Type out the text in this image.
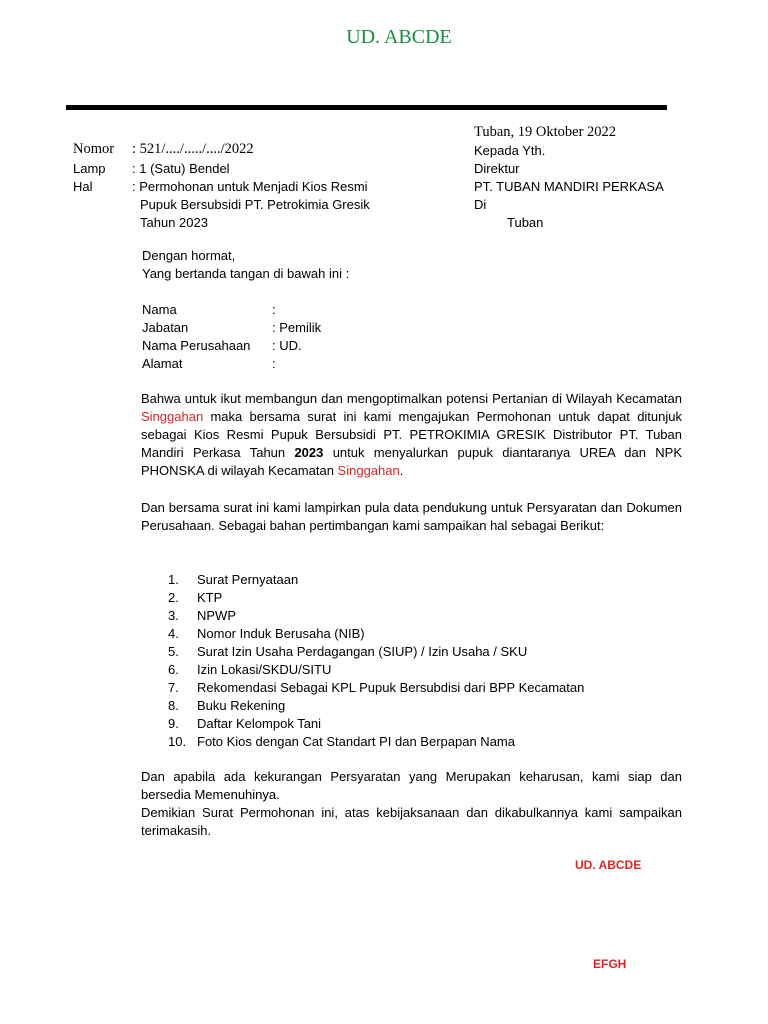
UD. ABCDE
Tuban, 19 Oktober 2022
Nomor : 521/..../...../..../2022
Lamp : 1 (Satu) Bendel
Hal	: Permohonan untuk Menjadi Kios Resmi
Pupuk Bersubsidi PT. Petrokimia Gresik
Tahun 2023
Kepada Yth.
Direktur
PT. TUBAN MANDIRI PERKASA
Di
Tuban
Dengan hormat,
Yang bertanda tangan di bawah ini :
Nama	:
Jabatan	: Pemilik
Nama Perusahaan : UD.
Alamat	:
Bahwa untuk ikut membangun dan mengoptimalkan potensi Pertanian di Wilayah Kecamatan Singgahan maka bersama surat ini kami mengajukan Permohonan untuk dapat ditunjuk sebagai Kios Resmi Pupuk Bersubsidi PT. PETROKIMIA GRESIK Distributor PT. Tuban Mandiri Perkasa Tahun 2023 untuk menyalurkan pupuk diantaranya UREA dan NPK PHONSKA di wilayah Kecamatan Singgahan.
Dan bersama surat ini kami lampirkan pula data pendukung untuk Persyaratan dan Dokumen Perusahaan. Sebagai bahan pertimbangan kami sampaikan hal sebagai Berikut:
1. Surat Pernyataan
2. KTP
3. NPWP
4. Nomor Induk Berusaha (NIB)
5. Surat Izin Usaha Perdagangan (SIUP) / Izin Usaha / SKU
6. Izin Lokasi/SKDU/SITU
7. Rekomendasi Sebagai KPL Pupuk Bersubdisi dari BPP Kecamatan
8. Buku Rekening
9. Daftar Kelompok Tani
10. Foto Kios dengan Cat Standart PI dan Berpapan Nama
Dan apabila ada kekurangan Persyaratan yang Merupakan keharusan, kami siap dan bersedia Memenuhinya.
Demikian Surat Permohonan ini, atas kebijaksanaan dan dikabulkannya kami sampaikan terimakasih.
UD. ABCDE
EFGH
